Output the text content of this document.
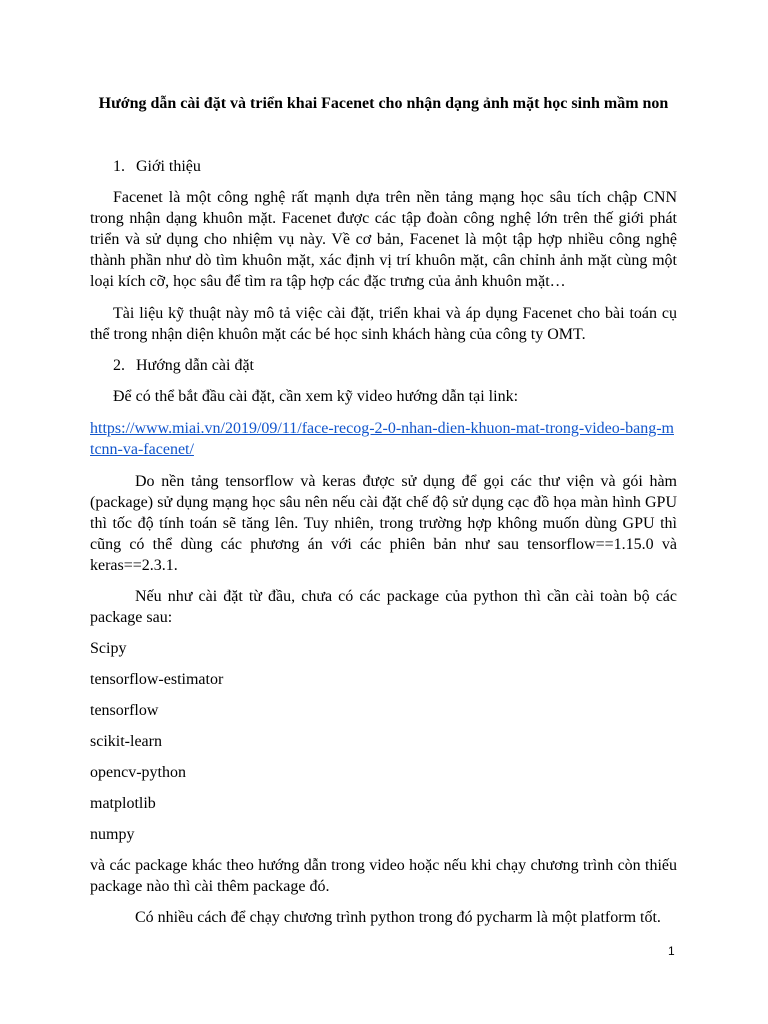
Hướng dẫn cài đặt và triển khai Facenet cho nhận dạng ảnh mặt học sinh mầm non

1. Giới thiệu

Facenet là một công nghệ rất mạnh dựa trên nền tảng mạng học sâu tích chập CNN trong nhận dạng khuôn mặt. Facenet được các tập đoàn công nghệ lớn trên thế giới phát triển và sử dụng cho nhiệm vụ này. Về cơ bản, Facenet là một tập hợp nhiều công nghệ thành phần như dò tìm khuôn mặt, xác định vị trí khuôn mặt, cân chỉnh ảnh mặt cùng một loại kích cỡ, học sâu để tìm ra tập hợp các đặc trưng của ảnh khuôn mặt…

Tài liệu kỹ thuật này mô tả việc cài đặt, triển khai và áp dụng Facenet cho bài toán cụ thể trong nhận diện khuôn mặt các bé học sinh khách hàng của công ty OMT.

2. Hướng dẫn cài đặt

Để có thể bắt đầu cài đặt, cần xem kỹ video hướng dẫn tại link:

https://www.miai.vn/2019/09/11/face-recog-2-0-nhan-dien-khuon-mat-trong-video-bang-mtcnn-va-facenet/

Do nền tảng tensorflow và keras được sử dụng để gọi các thư viện và gói hàm (package) sử dụng mạng học sâu nên nếu cài đặt chế độ sử dụng cạc đồ họa màn hình GPU thì tốc độ tính toán sẽ tăng lên. Tuy nhiên, trong trường hợp không muốn dùng GPU thì cũng có thể dùng các phương án với các phiên bản như sau tensorflow==1.15.0 và keras==2.3.1.

Nếu như cài đặt từ đầu, chưa có các package của python thì cần cài toàn bộ các package sau:

Scipy

tensorflow-estimator

tensorflow

scikit-learn

opencv-python

matplotlib

numpy

và các package khác theo hướng dẫn trong video hoặc nếu khi chạy chương trình còn thiếu package nào thì cài thêm package đó.

Có nhiều cách để chạy chương trình python trong đó pycharm là một platform tốt.

1
